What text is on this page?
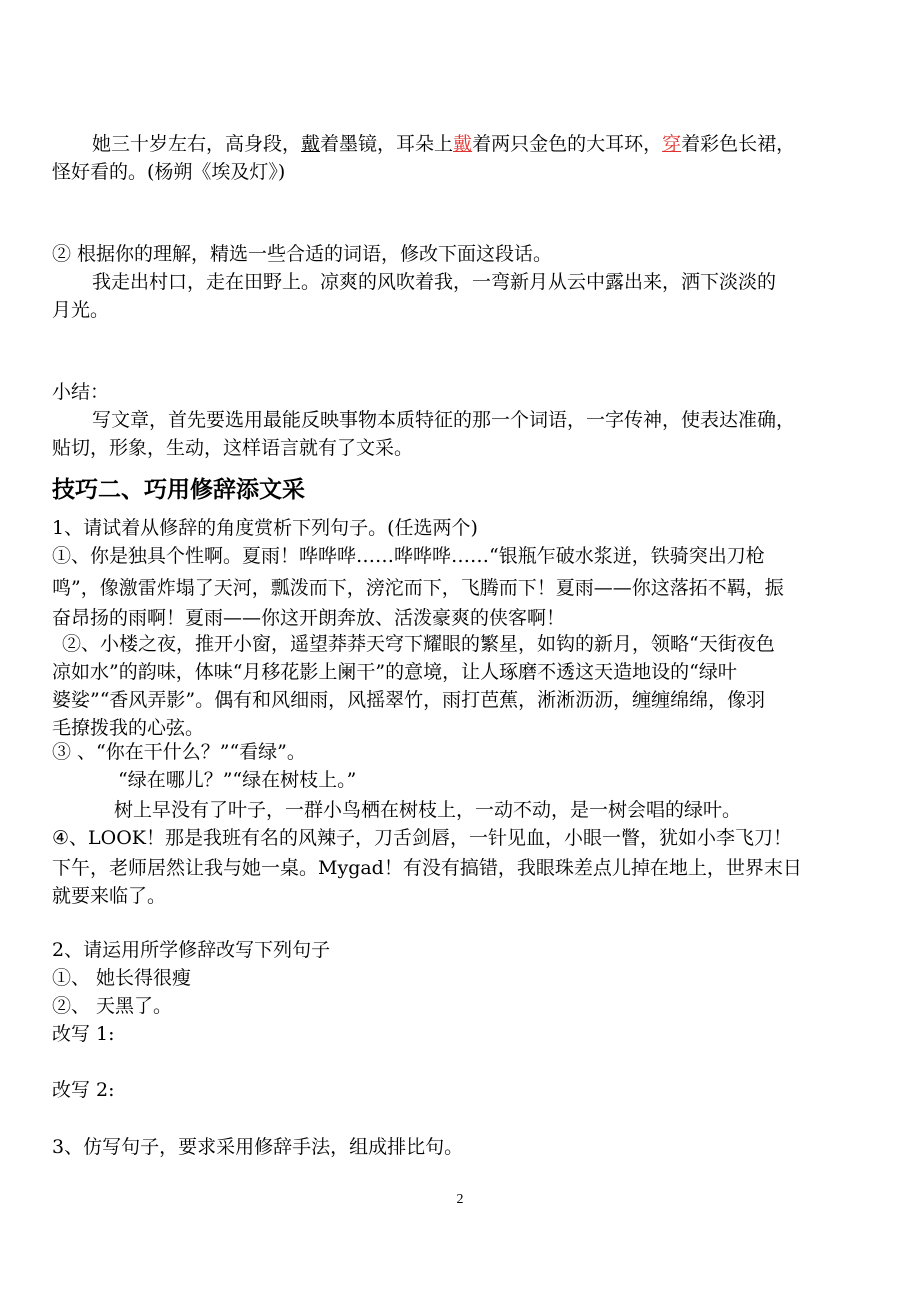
她三十岁左右，高身段，戴着墨镜，耳朵上戴着两只金色的大耳环，穿着彩色长裙，
怪好看的。(杨朔《埃及灯》)
② 根据你的理解，精选一些合适的词语，修改下面这段话。
我走出村口，走在田野上。凉爽的风吹着我，一弯新月从云中露出来，洒下淡淡的
月光。
小结：
写文章，首先要选用最能反映事物本质特征的那一个词语，一字传神，使表达准确，
贴切，形象，生动，这样语言就有了文采。
技巧二、巧用修辞添文采
1、请试着从修辞的角度赏析下列句子。(任选两个)
①、你是独具个性啊。夏雨！哗哗哗……哗哗哗……“银瓶乍破水浆迸，铁骑突出刀枪
鸣”，像激雷炸塌了天河，瓢泼而下，滂沱而下，飞腾而下！夏雨——你这落拓不羁，振
奋昂扬的雨啊！夏雨——你这开朗奔放、活泼豪爽的侠客啊！
②、小楼之夜，推开小窗，遥望莽莽天穹下耀眼的繁星，如钩的新月，领略“天街夜色
凉如水”的韵味，体味“月移花影上阑干”的意境，让人琢磨不透这天造地设的“绿叶
婆娑”“香风弄影”。偶有和风细雨，风摇翠竹，雨打芭蕉，淅淅沥沥，缠缠绵绵，像羽
毛撩拨我的心弦。
③ 、“你在干什么？”“看绿”。
“绿在哪儿？”“绿在树枝上。”
树上早没有了叶子，一群小鸟栖在树枝上，一动不动，是一树会唱的绿叶。
④、LOOK！那是我班有名的风辣子，刀舌剑唇，一针见血，小眼一瞥，犹如小李飞刀！
下午，老师居然让我与她一桌。Mygad！有没有搞错，我眼珠差点儿掉在地上，世界末日
就要来临了。
2、请运用所学修辞改写下列句子
①、 她长得很瘦
②、 天黑了。
改写 1:
改写 2:
3、仿写句子，要求采用修辞手法，组成排比句。
2
